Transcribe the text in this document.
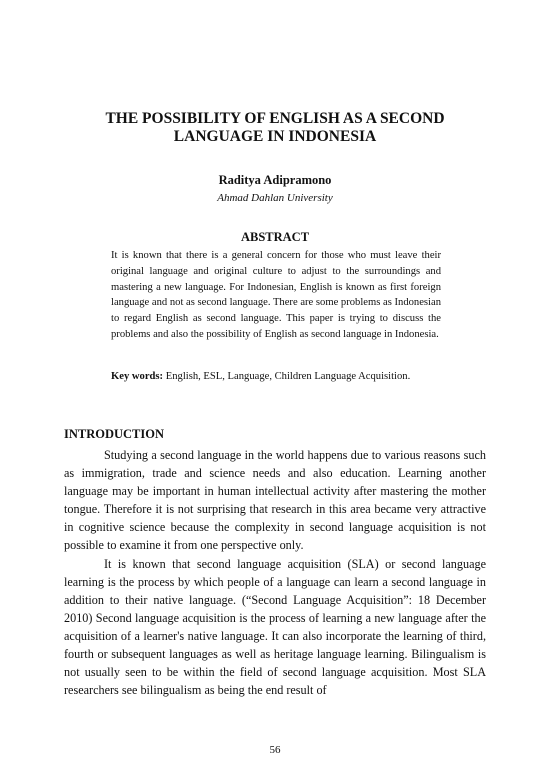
THE POSSIBILITY OF ENGLISH AS A SECOND LANGUAGE IN INDONESIA
Raditya Adipramono
Ahmad Dahlan University
ABSTRACT
It is known that there is a general concern for those who must leave their original language and original culture to adjust to the surroundings and mastering a new language. For Indonesian, English is known as first foreign language and not as second language. There are some problems as Indonesian to regard English as second language. This paper is trying to discuss the problems and also the possibility of English as second language in Indonesia.
Key words: English, ESL, Language, Children Language Acquisition.
INTRODUCTION

Studying a second language in the world happens due to various reasons such as immigration, trade and science needs and also education. Learning another language may be important in human intellectual activity after mastering the mother tongue. Therefore it is not surprising that research in this area became very attractive in cognitive science because the complexity in second language acquisition is not possible to examine it from one perspective only.

It is known that second language acquisition (SLA) or second language learning is the process by which people of a language can learn a second language in addition to their native language. (“Second Language Acquisition”: 18 December 2010) Second language acquisition is the process of learning a new language after the acquisition of a learner's native language. It can also incorporate the learning of third, fourth or subsequent languages as well as heritage language learning. Bilingualism is not usually seen to be within the field of second language acquisition. Most SLA researchers see bilingualism as being the end result of

56
